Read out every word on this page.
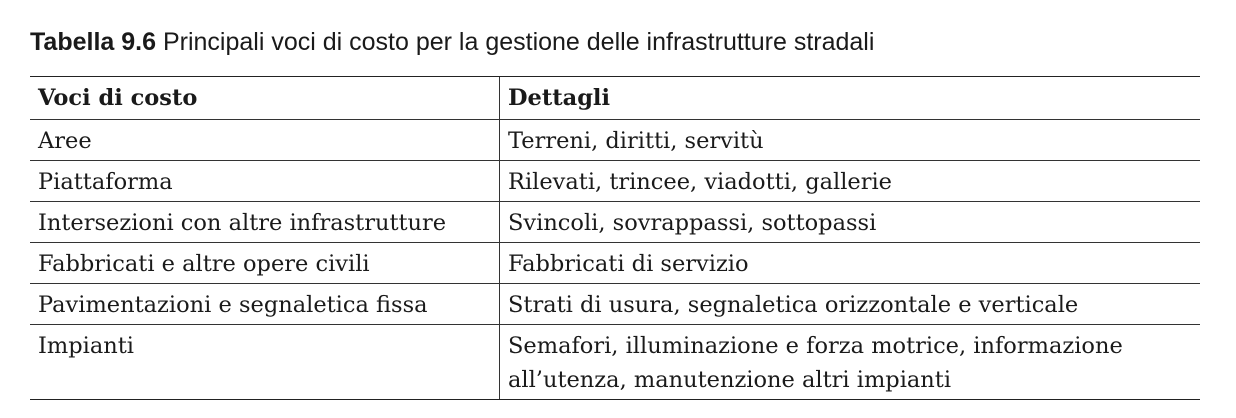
Tabella 9.6 Principali voci di costo per la gestione delle infrastrutture stradali
Voci di costo	Dettagli
Aree	Terreni, diritti, servitù
Piattaforma	Rilevati, trincee, viadotti, gallerie
Intersezioni con altre infrastrutture	Svincoli, sovrappassi, sottopassi
Fabbricati e altre opere civili	Fabbricati di servizio
Pavimentazioni e segnaletica fissa	Strati di usura, segnaletica orizzontale e verticale
Impianti	Semafori, illuminazione e forza motrice, informazione all’utenza, manutenzione altri impianti
